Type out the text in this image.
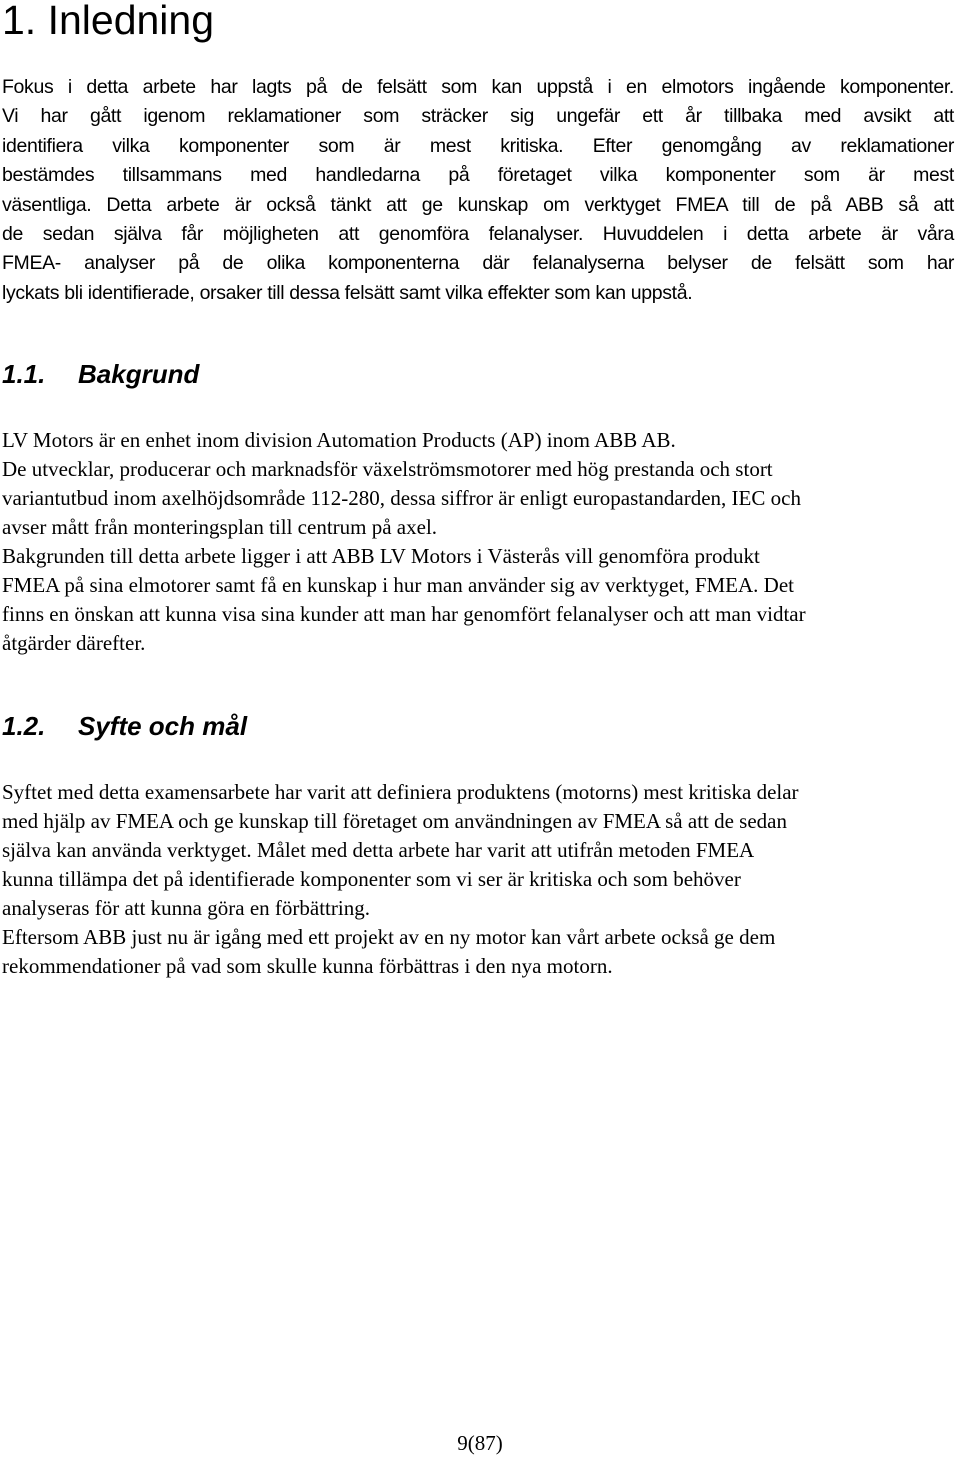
1. Inledning
Fokus i detta arbete har lagts på de felsätt som kan uppstå i en elmotors ingående komponenter.
Vi har gått igenom reklamationer som sträcker sig ungefär ett år tillbaka med avsikt att
identifiera vilka komponenter som är mest kritiska. Efter genomgång av reklamationer
bestämdes tillsammans med handledarna på företaget vilka komponenter som är mest
väsentliga. Detta arbete är också tänkt att ge kunskap om verktyget FMEA till de på ABB så att
de sedan själva får möjligheten att genomföra felanalyser. Huvuddelen i detta arbete är våra
FMEA- analyser på de olika komponenterna där felanalyserna belyser de felsätt som har
lyckats bli identifierade, orsaker till dessa felsätt samt vilka effekter som kan uppstå.
1.1. Bakgrund
LV Motors är en enhet inom division Automation Products (AP) inom ABB AB.
De utvecklar, producerar och marknadsför växelströmsmotorer med hög prestanda och stort
variantutbud inom axelhöjdsområde 112-280, dessa siffror är enligt europastandarden, IEC och
avser mått från monteringsplan till centrum på axel.
Bakgrunden till detta arbete ligger i att ABB LV Motors i Västerås vill genomföra produkt
FMEA på sina elmotorer samt få en kunskap i hur man använder sig av verktyget, FMEA. Det
finns en önskan att kunna visa sina kunder att man har genomfört felanalyser och att man vidtar
åtgärder därefter.
1.2. Syfte och mål
Syftet med detta examensarbete har varit att definiera produktens (motorns) mest kritiska delar
med hjälp av FMEA och ge kunskap till företaget om användningen av FMEA så att de sedan
själva kan använda verktyget. Målet med detta arbete har varit att utifrån metoden FMEA
kunna tillämpa det på identifierade komponenter som vi ser är kritiska och som behöver
analyseras för att kunna göra en förbättring.
Eftersom ABB just nu är igång med ett projekt av en ny motor kan vårt arbete också ge dem
rekommendationer på vad som skulle kunna förbättras i den nya motorn.
9(87)
